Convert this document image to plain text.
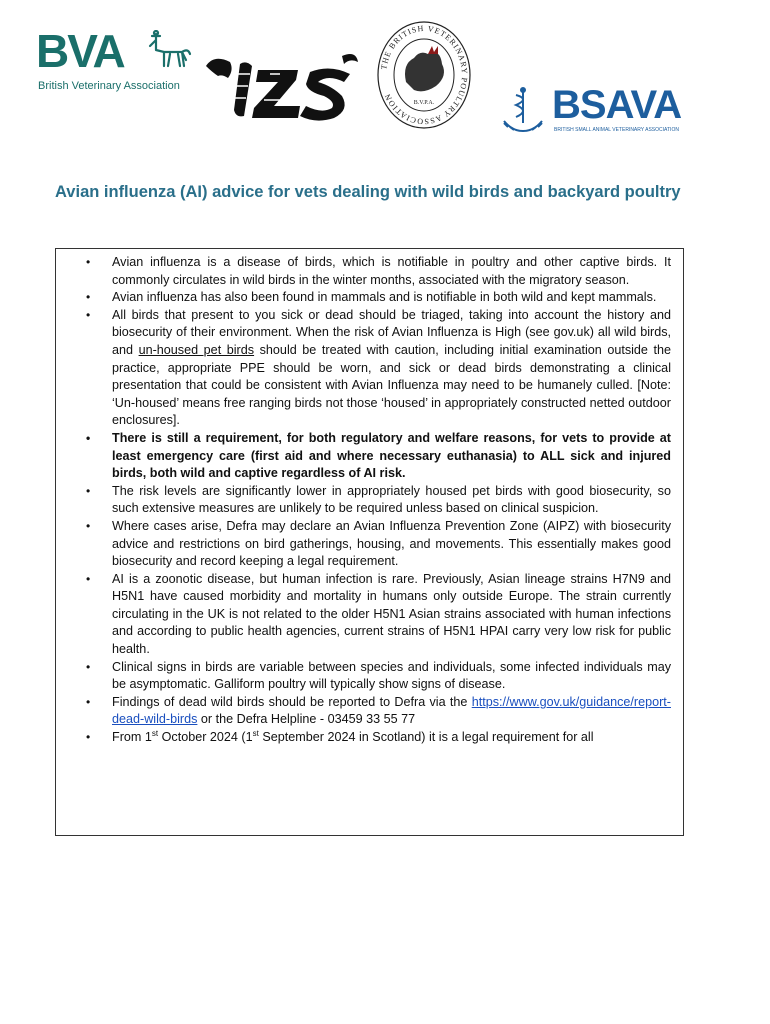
BVA
British Veterinary Association
THE BRITISH VETERINARY POULTRY ASSOCIATION
B.V.P.A.	BSAVA
BRITISH SMALL ANIMAL VETERINARY ASSOCIATION
Avian influenza (AI) advice for vets dealing with wild birds and backyard poultry
• Avian influenza is a disease of birds, which is notifiable in poultry and other captive birds. It commonly circulates in wild birds in the winter months, associated with the migratory season.
• Avian influenza has also been found in mammals and is notifiable in both wild and kept mammals.
• All birds that present to you sick or dead should be triaged, taking into account the history and biosecurity of their environment. When the risk of Avian Influenza is High (see gov.uk) all wild birds, and un-housed pet birds should be treated with caution, including initial examination outside the practice, appropriate PPE should be worn, and sick or dead birds demonstrating a clinical presentation that could be consistent with Avian Influenza may need to be humanely culled. [Note: ‘Un-housed’ means free ranging birds not those ‘housed’ in appropriately constructed netted outdoor enclosures].
• There is still a requirement, for both regulatory and welfare reasons, for vets to provide at least emergency care (first aid and where necessary euthanasia) to ALL sick and injured birds, both wild and captive regardless of AI risk.
• The risk levels are significantly lower in appropriately housed pet birds with good biosecurity, so such extensive measures are unlikely to be required unless based on clinical suspicion.
• Where cases arise, Defra may declare an Avian Influenza Prevention Zone (AIPZ) with biosecurity advice and restrictions on bird gatherings, housing, and movements. This essentially makes good biosecurity and record keeping a legal requirement.
• AI is a zoonotic disease, but human infection is rare. Previously, Asian lineage strains H7N9 and H5N1 have caused morbidity and mortality in humans only outside Europe. The strain currently circulating in the UK is not related to the older H5N1 Asian strains associated with human infections and according to public health agencies, current strains of H5N1 HPAI carry very low risk for public health.
• Clinical signs in birds are variable between species and individuals, some infected individuals may be asymptomatic. Galliform poultry will typically show signs of disease.
• Findings of dead wild birds should be reported to Defra via the https://www.gov.uk/guidance/report-dead-wild-birds or the Defra Helpline - 03459 33 55 77
• From 1st October 2024 (1st September 2024 in Scotland) it is a legal requirement for all
